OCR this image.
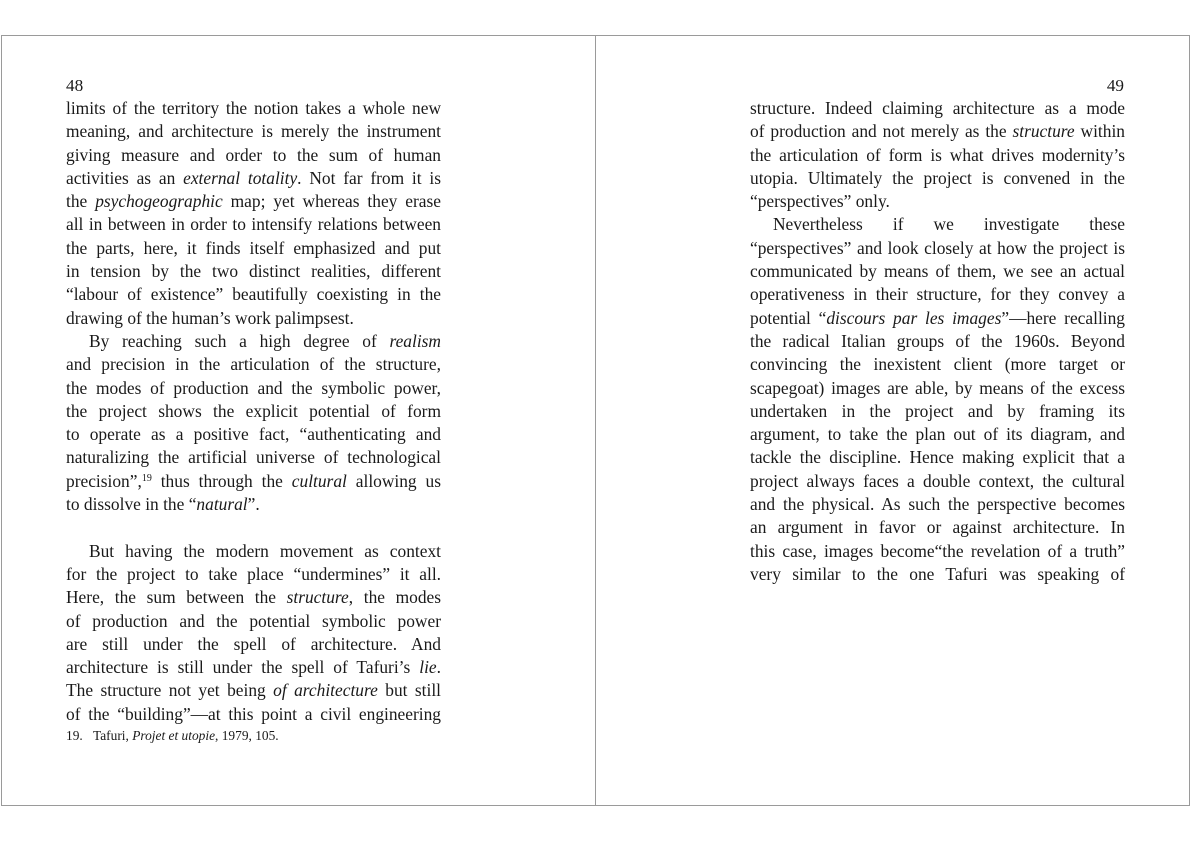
48	49

limits of the territory the notion takes a whole new
meaning, and architecture is merely the instrument
giving measure and order to the sum of human
activities as an external totality. Not far from it is
the psychogeographic map; yet whereas they erase
all in between in order to intensify relations between
the parts, here, it finds itself emphasized and put
in tension by the two distinct realities, different
“labour of existence” beautifully coexisting in the
drawing of the human’s work palimpsest.
By reaching such a high degree of realism
and precision in the articulation of the structure,
the modes of production and the symbolic power,
the project shows the explicit potential of form
to operate as a positive fact, “authenticating and
naturalizing the artificial universe of technological
precision”,$^{19}$ thus through the cultural allowing us
to dissolve in the “natural”.
But having the modern movement as context
for the project to take place “undermines” it all.
Here, the sum between the structure, the modes
of production and the potential symbolic power
are still under the spell of architecture. And
architecture is still under the spell of Tafuri’s lie.
The structure not yet being of architecture but still
of the “building”—at this point a civil engineering

19. Tafuri, Projet et utopie, 1979, 105.

structure. Indeed claiming architecture as a mode
of production and not merely as the structure within
the articulation of form is what drives modernity’s
utopia. Ultimately the project is convened in the
“perspectives” only.
Nevertheless if we investigate these
“perspectives” and look closely at how the project is
communicated by means of them, we see an actual
operativeness in their structure, for they convey a
potential “discours par les images”—here recalling
the radical Italian groups of the 1960s. Beyond
convincing the inexistent client (more target or
scapegoat) images are able, by means of the excess
undertaken in the project and by framing its
argument, to take the plan out of its diagram, and
tackle the discipline. Hence making explicit that a
project always faces a double context, the cultural
and the physical. As such the perspective becomes
an argument in favor or against architecture. In
this case, images become“the revelation of a truth”
very similar to the one Tafuri was speaking of
